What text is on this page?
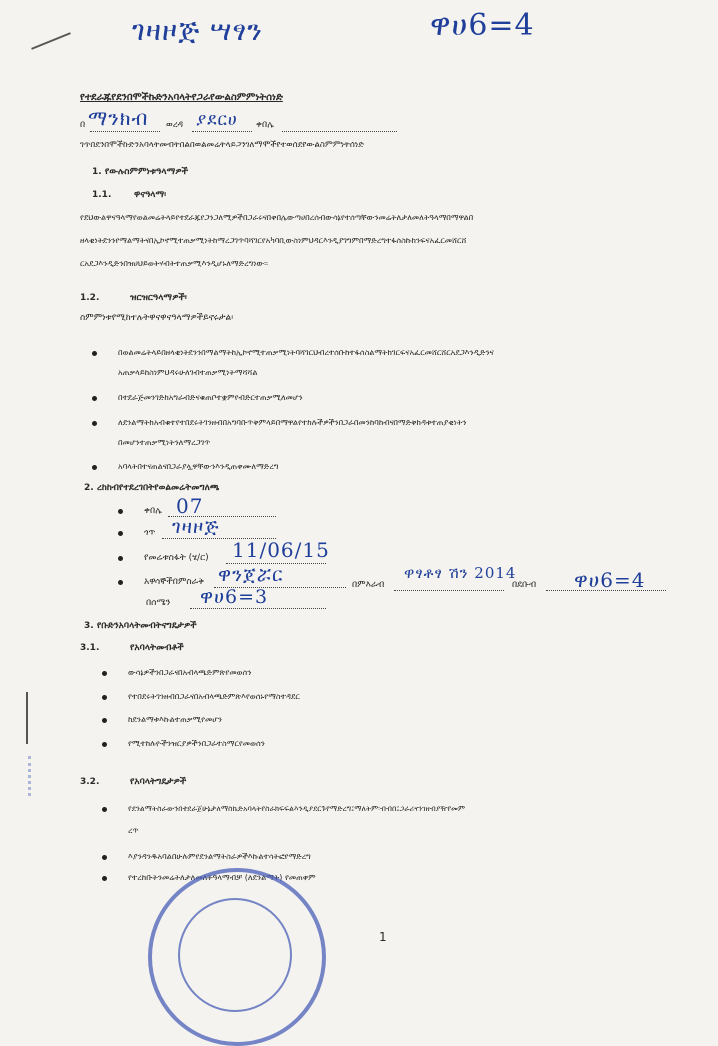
ገዛዞጅ ሣፃን	ዋሀ6=4
የተደራጁየደንበሞችኩድንአባላትየጋራየውልስምምነትሰነድ
በ ማንክብ ወረዳ ያደርሀ ቀበሌ
ገጥበደንበሞችኩድንአባላትመብትበልበወልመሬትላይጋንገለማሞችየተወሰደየውልስምምነትሰነድ
1. የውሉስምምነቱዓላማዎች
1.1.	ዋናዓላማ፡
የደህውልዋናዓላማየወልመሬትላይየተደራጁየጋንጋለሚዎችበጋራሩናበቀበሌውጣሀበረሰብውሳኔየተሰጣቸውንመሬትለታለመለትዓላማበማዋልበ
ዘላቂነትደንንየማልማትናበኢኮኖሚተጠቃሚነትከማረጋገጥባሻገርየአካባቢውስነምህዳርእንዲያገግምበማድረግተፋሰስኩከንፍናአፈርመሸርሸ
ርአደጋእንዲድንበዝሀህይወትሃብትተጠቃሚእንዲሆኑለማድረግነው፡፡
1.2.	ዝርዝርዓላማዎች፡
ስምምነቱየሚከተሉትዋናዋናዓላማዎችይኖሩታል፡
በወልመሬትላይበዘላቂነትደንንበማልማትከኢኮኖሚተጠቃሚነትባሻገርህብረተሰቡከተፋሰስልማትከገርፍናአፈርመሸርሸርአደጋእንዲድንና
አጠቃላይከስነምህዳሩሁለገብተጠቃሚነትማሻሻል
በተደራጅመንገድከአግራብድናቁጠቦተቋምየብድርተጠቃሚለመሆን
ለደንልማትከአብቁተየተበደሩትገንዘብበአግባቡጥቅምላይበማዋልየተከሉችዎችንበጋራበመንከባከብናበማድቅከዳቱተጠያቂነትን
በመሆንተጠቃሚነትንለማረጋገጥ
አባላትበተናጠልናበጋራያሏዋቸውንእንዲጠቀሙለማድረግ
2. ረከከብየተደረገበትየወልመሬትመግለጫ
ቀበሌ 07
ጎጥ ገዛዞጅ
የመሬቱስፋት (ሄ/ር) 11/06/15
አዋሳኞችበምስራቅ ዋንጀሯር	በምእራብ
ዋፃቶፃ ሽን 2014
በደቡብ ዋሀ6=4
በሰሜን ዋሀ6=3
3. የቡድንአባላትመብትናግዴታዎች
3.1.	የአባላትመብቶች
ውሳኔዎችንበጋራናበአብላጫድምጽየመወሰን
የተበደሩትገንዘብበጋራናበአብላጫድምጽእየወሰኑየማስተዳደር
ከደንልማቱእኩልተጠቃሚየመሆን
የሚተከሉዮችንዝርያዎችንበጋራተስማርየመወሰን
3.2.	የአባላትግዴታዎች
የደንልማትስራውንበተደራጀሁኔታለማስኬድአባላትየስራክፍፍልእንዲያደርጉየማድረግ፤ማለትም፡ብብበ፤ጋራሪናንገዘብያዥየመም
ረጥ
እያንዳንዱአባልበሁሉምየደንልማትስራዎችእኩልተሳትፎየማድረግ
የተረከቡትንመሬትለታለመለትዓላማብቻ (ለደንልማት) የመጠቀም
1
